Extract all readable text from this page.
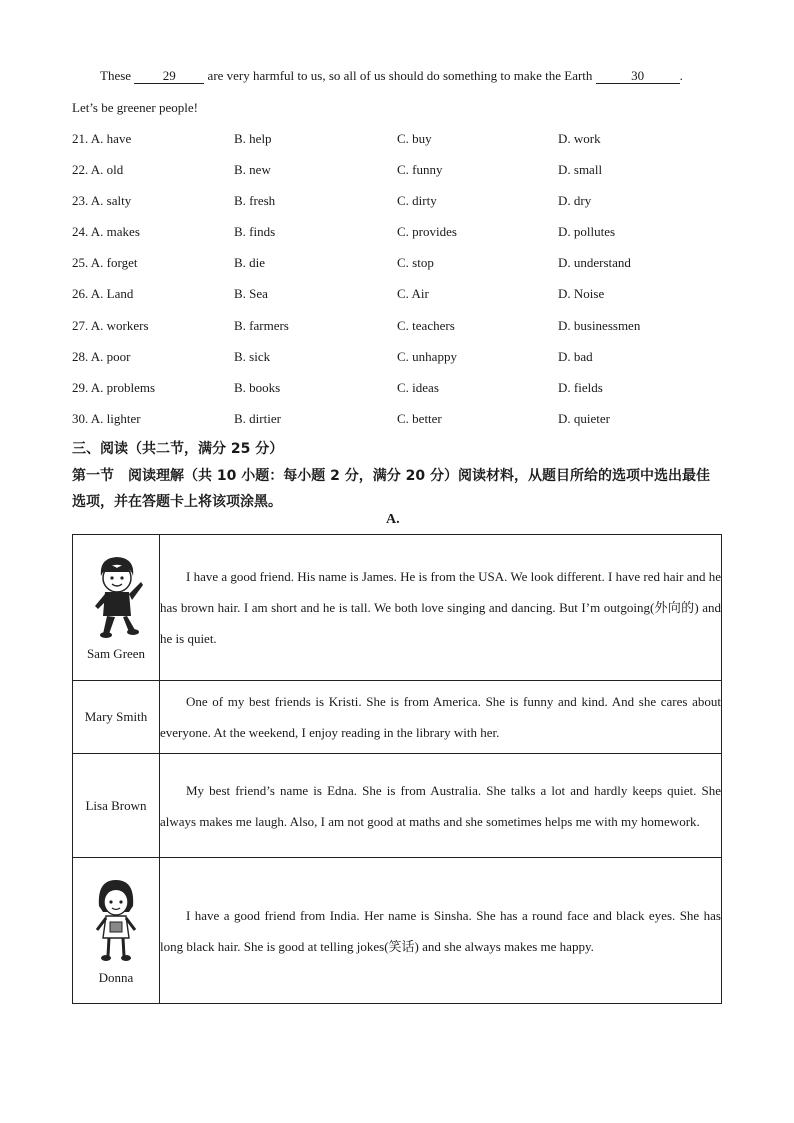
These 29 are very harmful to us, so all of us should do something to make the Earth	30	.
Let’s be greener people!
21. A. have	B. help	C. buy	D. work
22. A. old	B. new	C. funny	D. small
23. A. salty	B. fresh	C. dirty	D. dry
24. A. makes	B. finds	C. provides	D. pollutes
25. A. forget	B. die	C. stop	D. understand
26. A. Land	B. Sea	C. Air	D. Noise
27. A. workers	B. farmers	C. teachers	D. businessmen
28. A. poor	B. sick	C. unhappy	D. bad
29. A. problems	B. books	C. ideas	D. fields
30. A. lighter	B. dirtier	C. better	D. quieter
三、阅读（共二节，满分 25 分）
第一节　阅读理解（共 10 小题：每小题 2 分，满分 20 分）阅读材料，从题目所给的选项中选出最佳选项，并在答题卡上将该项涂黑。
A.
Sam Green	I have a good friend. His name is James. He is from the USA. We look different. I have red hair and he has brown hair. I am short and he is tall. We both love singing and dancing. But I’m outgoing(外向的) and he is quiet.
Mary Smith	One of my best friends is Kristi. She is from America. She is funny and kind. And she cares about everyone. At the weekend, I enjoy reading in the library with her.
Lisa Brown	My best friend’s name is Edna. She is from Australia. She talks a lot and hardly keeps quiet. She always makes me laugh. Also, I am not good at maths and she sometimes helps me with my homework.

Donna	I have a good friend from India. Her name is Sinsha. She has a round face and black eyes. She has long black hair. She is good at telling jokes(笑话) and she always makes me happy.
